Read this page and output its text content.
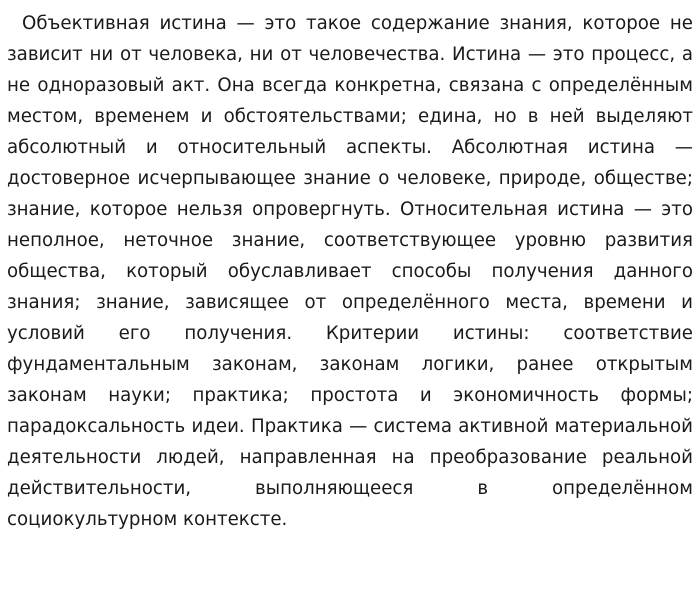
Объективная истина — это такое содержание знания, которое не зависит ни от человека, ни от человечества. Истина — это процесс, а не одноразовый акт. Она всегда конкретна, связана с определённым местом, временем и обстоятельствами; едина, но в ней выделяют абсолютный и относительный аспекты. Абсолютная истина — достоверное исчерпывающее знание о человеке, природе, обществе; знание, которое нельзя опровергнуть. Относительная истина — это неполное, неточное знание, соответствующее уровню развития общества, который обуславливает способы получения данного знания; знание, зависящее от определённого места, времени и условий его получения. Критерии истины: соответствие фундаментальным законам, законам логики, ранее открытым законам науки; практика; простота и экономичность формы; парадоксальность идеи. Практика — система активной материальной деятельности людей, направленная на преобразование реальной действительности, выполняющееся в определённом социокультурном контексте.
